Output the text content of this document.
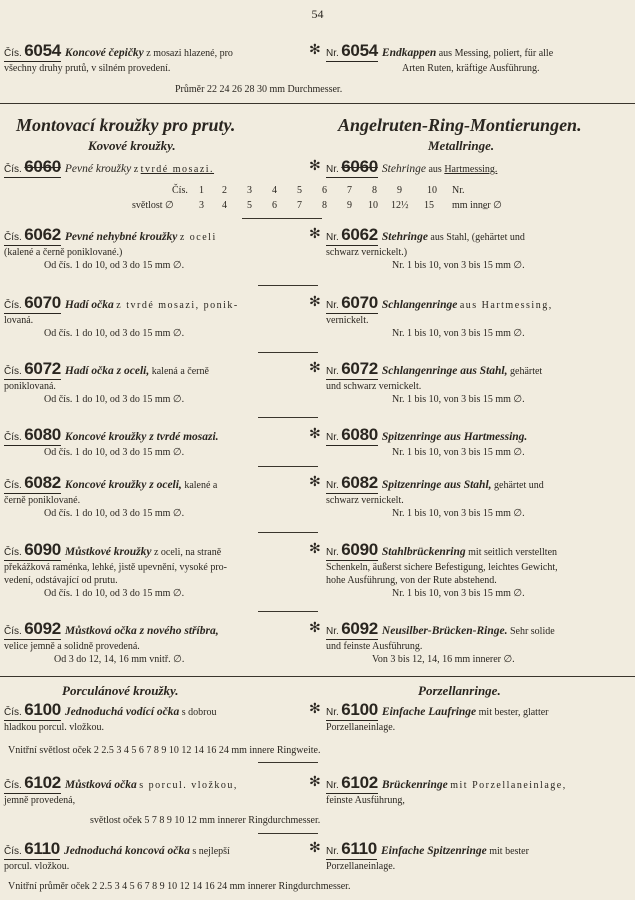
54
Čís. 6054 Koncové čepičky z mosazi hlazené, pro
všechny druhy prutů, v silném provedení.
✻ Nr. 6054 Endkappen aus Messing, poliert, für alle
Arten Ruten, kräftige Ausführung.
Průměr 22 24 26 28 30 mm Durchmesser.
Montovací kroužky pro pruty.	Angelruten-Ring-Montierungen.
Kovové kroužky.	Metallringe.
Čís. 6060 Pevné kroužky z tvrdé mosazi.	✻ Nr. 6060 Stehringe aus Hartmessing.
Čís. 1 2 3 4 5 6 7 8 9	10 Nr.
světlost ∅	3 4 5 6 7 8 9 10 12½ 15 mm inne̲r ∅
Čís. 6062 Pevné nehybné kroužky z oceli
(kalené a černě poniklované.)
Od čís. 1 do 10, od 3 do 15 mm ∅.
✻ Nr. 6062 Stehringe aus Stahl, (gehärtet und
schwarz vernickelt.)
Nr. 1 bis 10, von 3 bis 15 mm ∅.
Čís. 6070 Hadí očka z tvrdé mosazi, ponik-
lovaná.
Od čís. 1 do 10, od 3 do 15 mm ∅.
✻ Nr. 6070 Schlangenringe aus Hartmessing,
vernickelt.
Nr. 1 bis 10, von 3 bis 15 mm ∅.
Čís. 6072 Hadí očka z oceli, kalená a černě
poniklovaná.
Od čís. 1 do 10, od 3 do 15 mm ∅.
✻ Nr. 6072 Schlangenringe aus Stahl, gehärtet
und schwarz vernickelt.
Nr. 1 bis 10, von 3 bis 15 mm ∅.
Čís. 6080 Koncové kroužky z tvrdé mosazi.
Od čís. 1 do 10, od 3 do 15 mm ∅.
✻ Nr. 6080 Spitzenringe aus Hartmessing.
Nr. 1 bis 10, von 3 bis 15 mm ∅.
Čís. 6082 Koncové kroužky z oceli, kalené a
černě poniklované.
Od čís. 1 do 10, od 3 do 15 mm ∅.
✻ Nr. 6082 Spitzenringe aus Stahl, gehärtet und
schwarz vernickelt.
Nr. 1 bis 10, von 3 bis 15 mm ∅.
Čís. 6090 Můstkové kroužky z oceli, na straně
překážková raménka, lehké, jistě upevnění, vysoké pro-
vedení, odstávající od prutu.
Od čís. 1 do 10, od 3 do 15 mm ∅.
✻ Nr. 6090 Stahlbrückenring mit seitlich verstellten
Schenkeln, äußerst sichere Befestigung, leichtes Gewicht,
hohe Ausführung, von der Rute abstehend.
Nr. 1 bis 10, von 3 bis 15 mm ∅.
Čís. 6092 Můstková očka z nového stříbra,
velice jemně a solidně provedená.
Od 3 do 12, 14, 16 mm vnitř. ∅.
✻ Nr. 6092 Neusilber-Brücken-Ringe. Sehr solide
und feinste Ausführung.
Von 3 bis 12, 14, 16 mm innerer ∅.
Porculánové kroužky.	Porzellanringe.
Čís. 6100 Jednoduchá vodící očka s dobrou
hladkou porcul. vložkou.
✻ Nr. 6100 Einfache Laufringe mit bester, glatter
Porzellaneinlage.
Vnitřní světlost oček 2 2.5 3 4 5 6 7 8 9 10 12 14 16 24 mm innere Ringweite.
Čís. 6102 Můstková očka s porcul. vložkou,
jemně provedená,
✻ Nr. 6102 Brückenringe mit Porzellaneinlage,
feinste Ausführung,
světlost oček 5 7 8 9 10 12 mm innerer Ringdurchmesser.
Čís. 6110 Jednoduchá koncová očka s nejlepší
porcul. vložkou.
✻ Nr. 6110 Einfache Spitzenringe mit bester
Porzellaneinlage.
Vnitřní průměr oček 2 2.5 3 4 5 6 7 8 9 10 12 14 16 24 mm innerer Ringdurchmesser.
